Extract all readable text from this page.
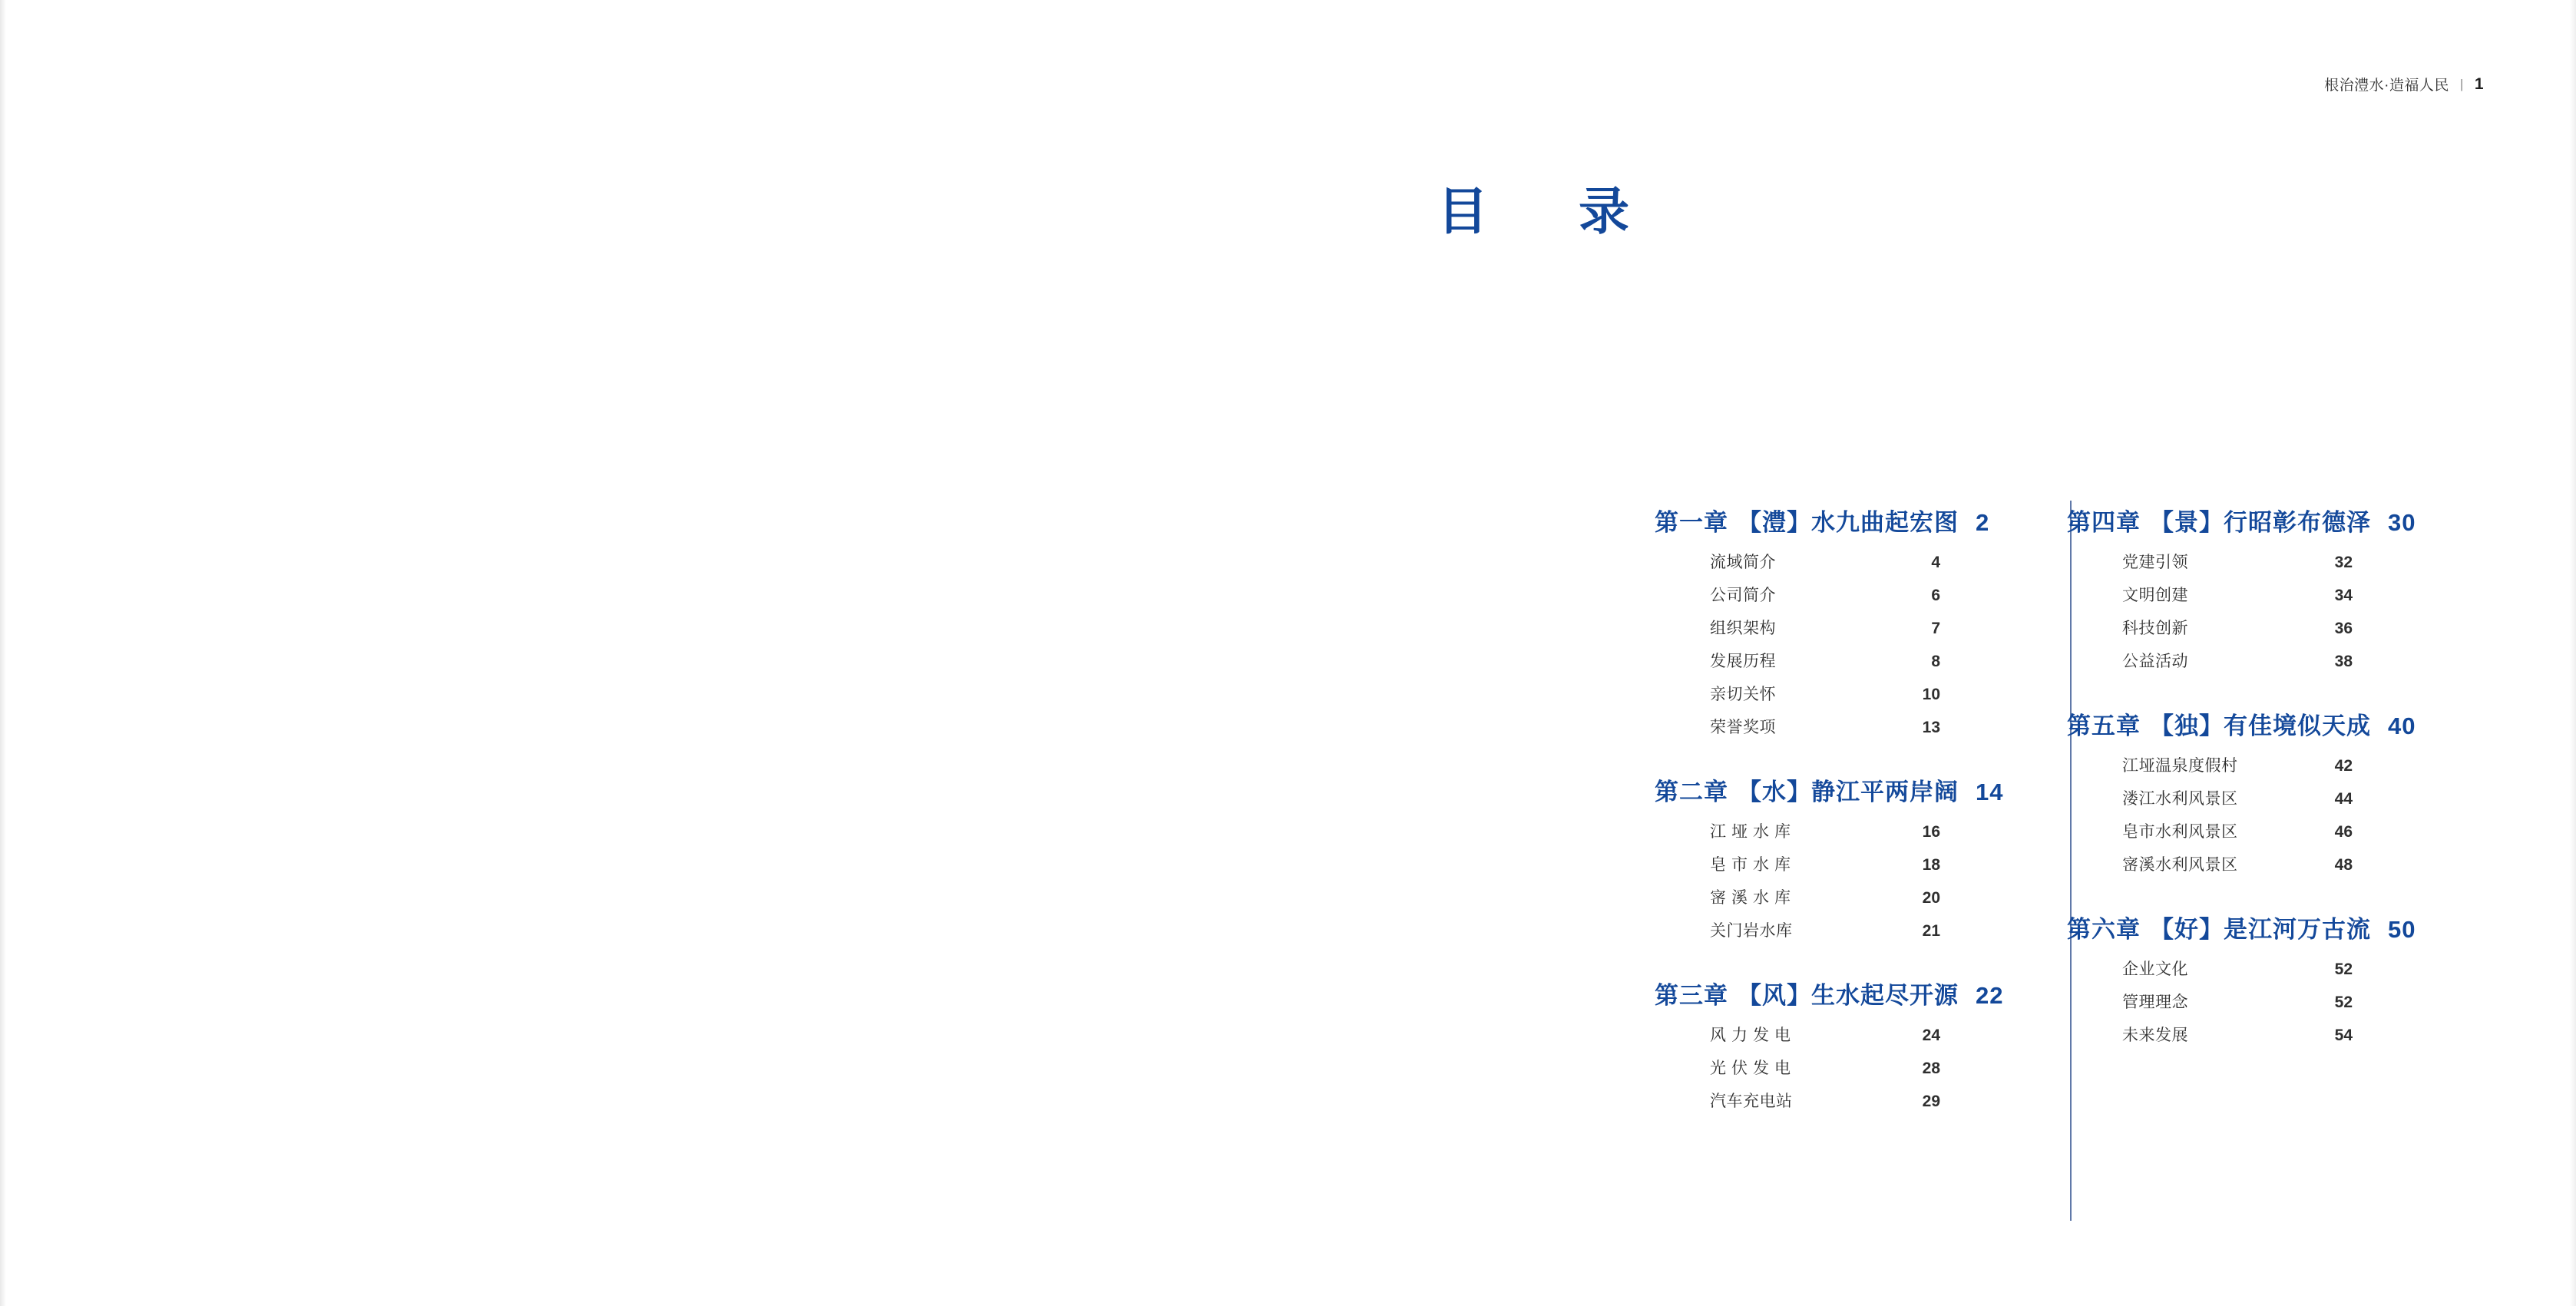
根治澧水·造福人民 | 1
目　录
第一章 【澧】水九曲起宏图 2
流域简介	4
公司简介	6
组织架构	7
发展历程	8
亲切关怀	10
荣誉奖项	13
第二章 【水】静江平两岸阔 14
江垭水库	16
皂市水库	18
宻溪水库	20
关门岩水库	21
第三章 【风】生水起尽开源 22
风力发电	24
光伏发电	28
汽车充电站	29
第四章 【景】行昭彰布德泽 30
党建引领	32
文明创建	34
科技创新	36
公益活动	38
第五章 【独】有佳境似天成 40
江垭温泉度假村	42
溇江水利风景区	44
皂市水利风景区	46
宻溪水利风景区	48
第六章 【好】是江河万古流 50
企业文化	52
管理理念	52
未来发展	54
